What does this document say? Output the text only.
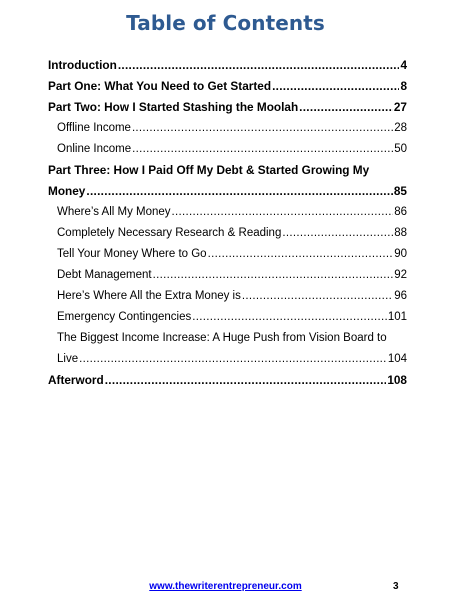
Table of Contents
Introduction .....	4
Part One: What You Need to Get Started .....	8
Part Two: How I Started Stashing the Moolah .....	27
Offline Income .....	28
Online Income .....	50
Part Three: How I Paid Off My Debt & Started Growing My
Money .....	85
Where’s All My Money .....	86
Completely Necessary Research & Reading .....	88
Tell Your Money Where to Go .....	90
Debt Management .....	92
Here’s Where All the Extra Money is .....	96
Emergency Contingencies .....	101
The Biggest Income Increase: A Huge Push from Vision Board to
Live .....	104
Afterword .....	108
www.thewriterentrepreneur.com	3
